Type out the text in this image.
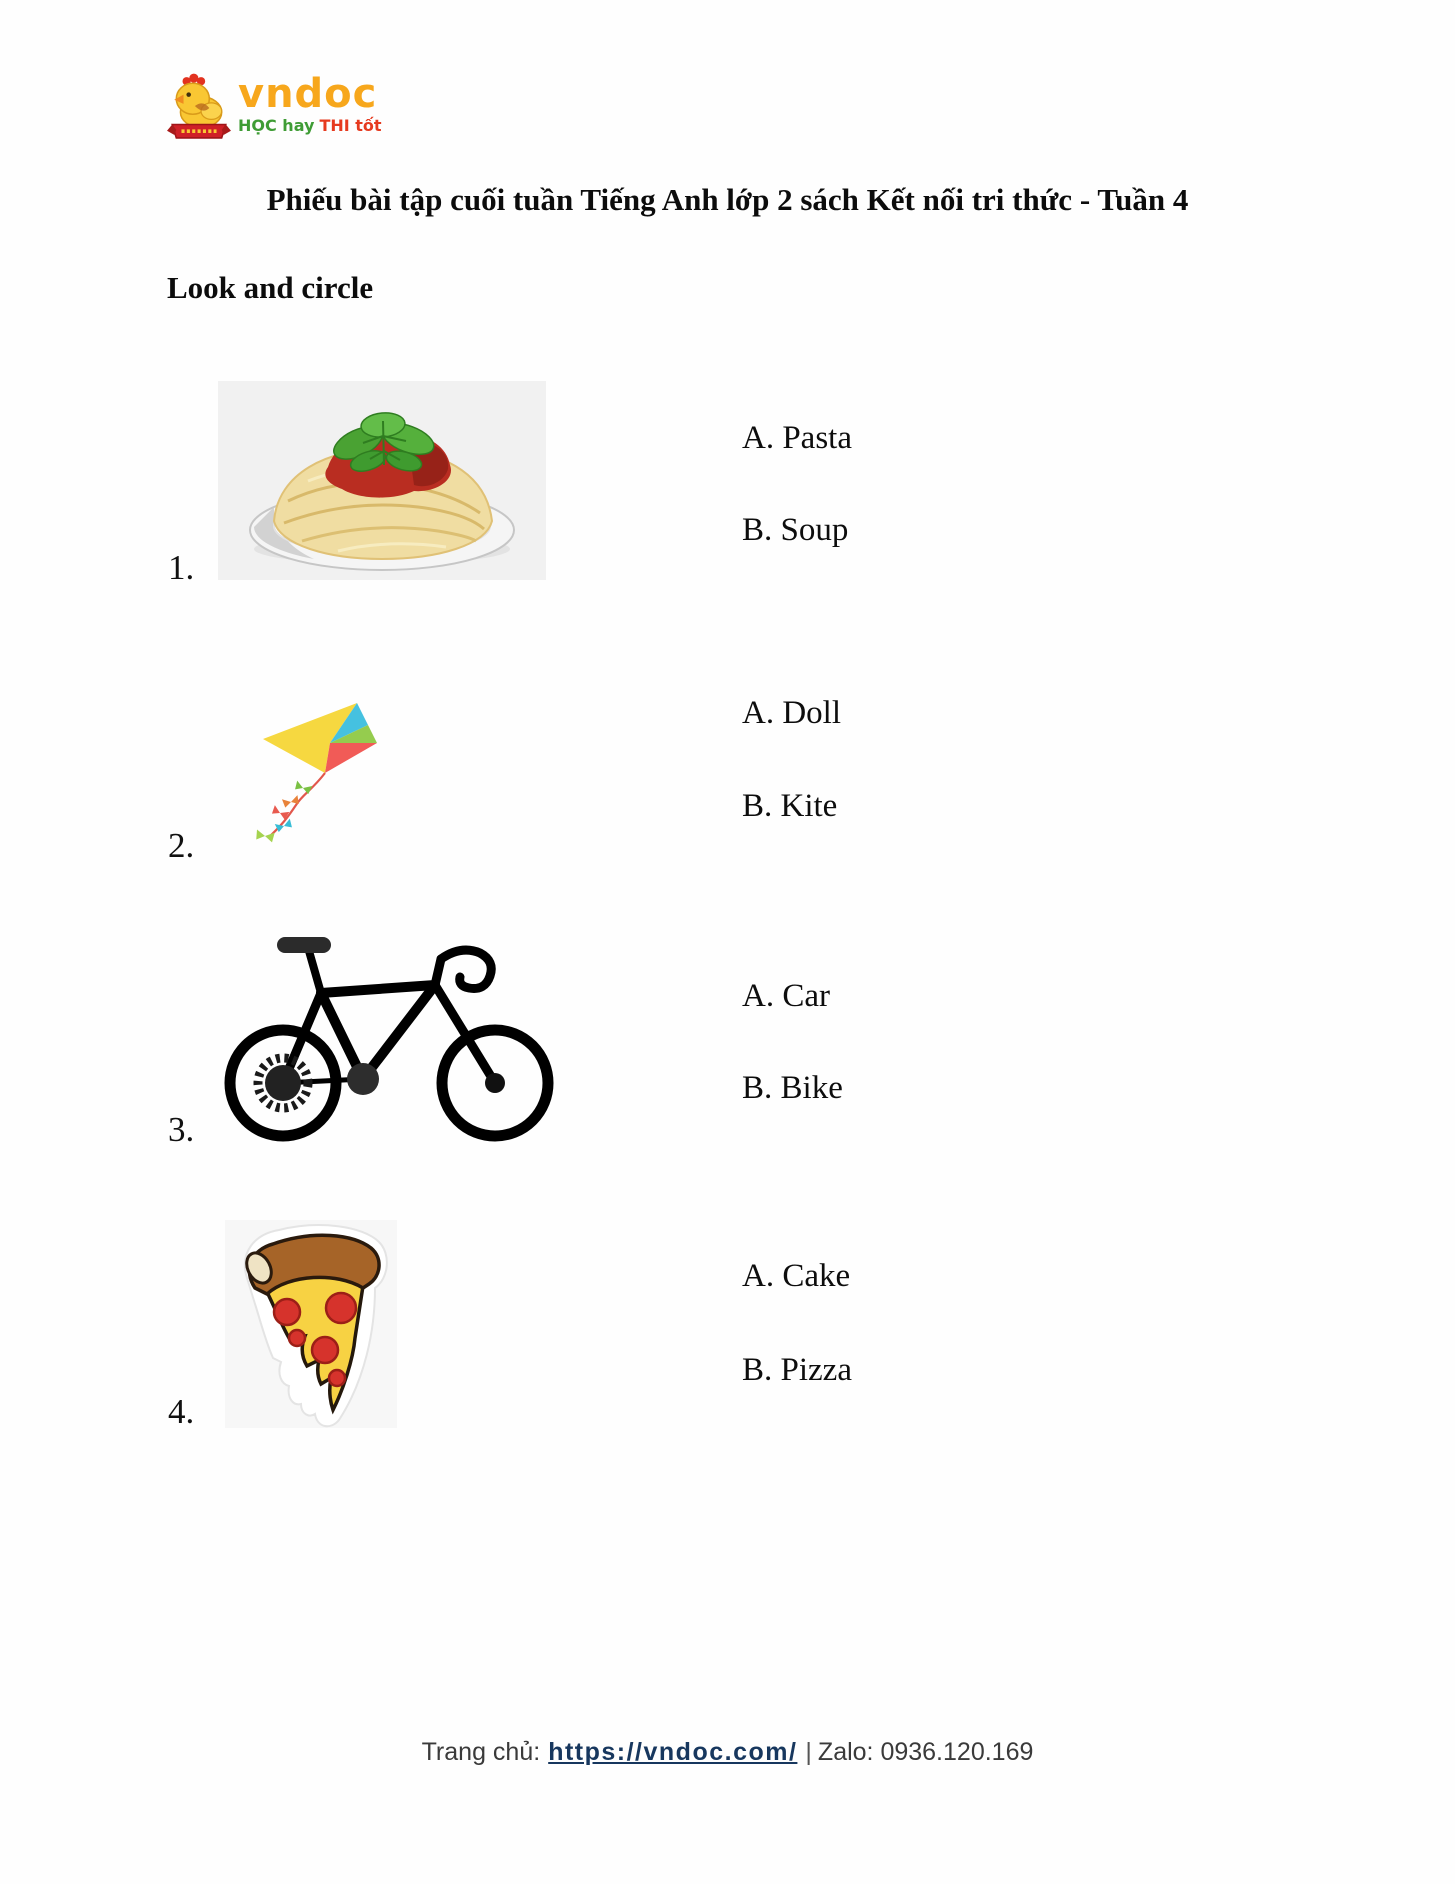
vndoc
HỌC hay THI tốt
Phiếu bài tập cuối tuần Tiếng Anh lớp 2 sách Kết nối tri thức - Tuần 4
Look and circle
1.
A. Pasta
B. Soup
2.
A. Doll
B. Kite
3.
A. Car
B. Bike
4.
A. Cake
B. Pizza
Trang chủ: https://vndoc.com/ | Zalo: 0936.120.169
